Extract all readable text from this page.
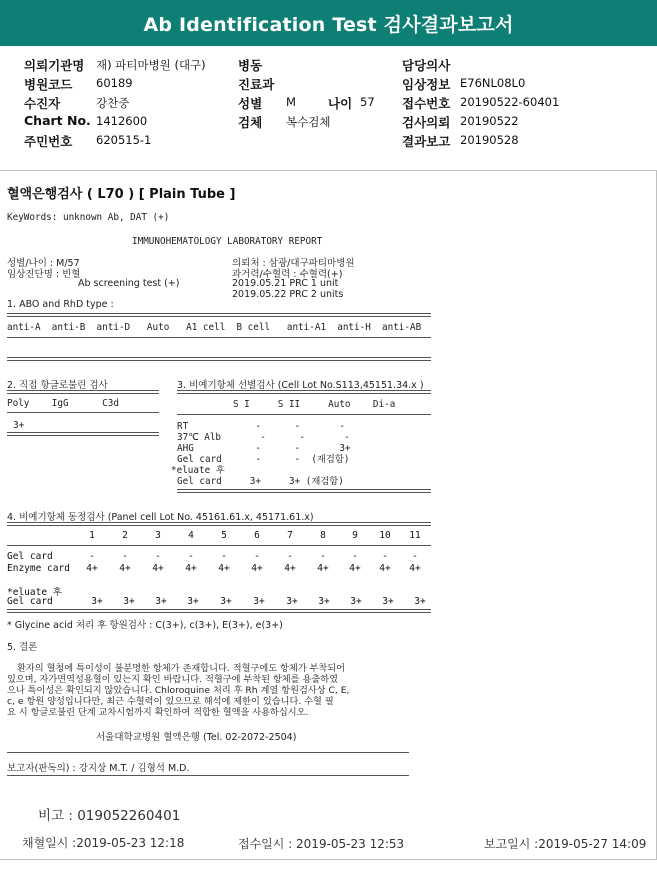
Ab Identification Test 검사결과보고서
의뢰기관명 재) 파티마병원 (대구)
병원코드 60189
수진자	강찬중
Chart No. 1412600
주민번호 620515-1
병동
진료과
성별 M	나이 57
검체 복수검체
담당의사
임상정보 E76NL08L0
접수번호 20190522-60401
검사의뢰 20190522
결과보고 20190528
혈액은행검사 ( L70 ) [ Plain Tube ]
KeyWords: unknown Ab, DAT (+)
IMMUNOHEMATOLOGY LABORATORY REPORT
성별/나이 : M/57
임상진단명 : 빈혈
Ab screening test (+)
의뢰처 : 삼광/대구파티마병원
과거력/수혈력 : 수혈력(+)
2019.05.21 PRC 1 unit
2019.05.22 PRC 2 units
1. ABO and RhD type :
anti-A  anti-B  anti-D   Auto   A1 cell  B cell   anti-A1  anti-H  anti-AB
2. 직접 항글로불린 검사
Poly    IgG      C3d
3+
3. 비예기항체 선별검사 (Cell Lot No.S113,45151.34.x )
S I     S II     Auto    Di-a
RT            -      -       -
37℃ Alb       -      -       -
AHG           -      -       3+
Gel card      -      -  (재검함)
*eluate 후
Gel card     3+     3+ (재검함)
4. 비예기항체 동정검사 (Panel cell Lot No. 45161.61.x, 45171.61.x)
1	2	3	4	5	6	7	8	9	10	11
Gel card	-	-	-	-	-	-	-	-	-	-	-
Enzyme card	4+	4+	4+	4+	4+	4+	4+	4+	4+	4+	4+
*eluate 후
Gel card	3+	3+	3+	3+	3+	3+	3+	3+	3+	3+	3+
* Glycine acid 처리 후 항원검사 : C(3+), c(3+), E(3+), e(3+)
5. 결론
환자의 혈청에 특이성이 불분명한 항체가 존재합니다. 적혈구에도 항체가 부착되어
있으며, 자가면역성용혈이 있는지 확인 바랍니다. 적혈구에 부착된 항체를 용출하였
으나 특이성은 확인되지 않았습니다. Chloroquine 처리 후 Rh 계열 항원검사상 C, E,
c, e 항원 양성입니다만, 최근 수혈력이 있으므로 해석에 제한이 있습니다. 수혈 필
요 시 항글로불린 단계 교차시험까지 확인하여 적합한 혈액을 사용하십시오.
서울대학교병원 혈액은행 (Tel. 02-2072-2504)
보고자(판독의) : 강지상 M.T. / 김형석 M.D.
비고 : 019052260401
채혈일시 :2019-05-23 12:18	접수일시 : 2019-05-23 12:53	보고일시 :2019-05-27 14:09
